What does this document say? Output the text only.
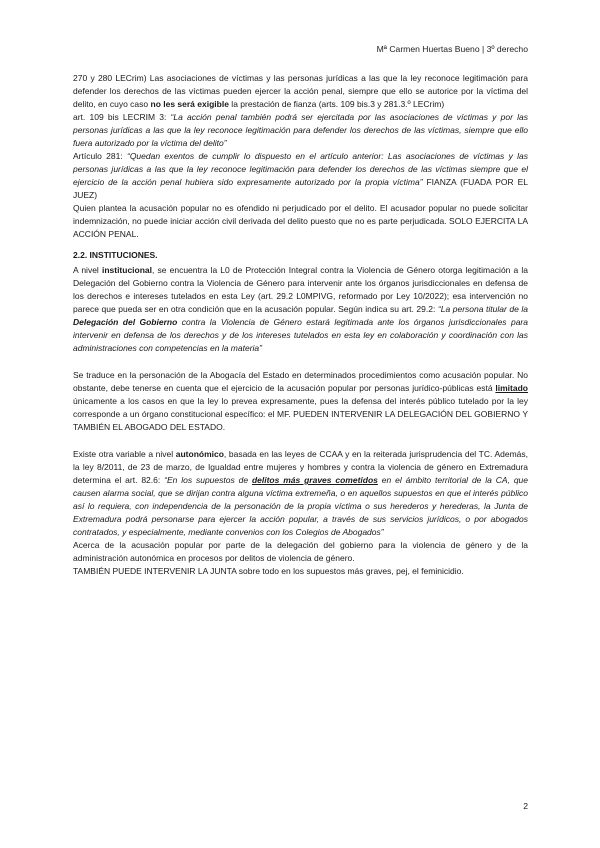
Mª Carmen Huertas Bueno | 3º derecho

270 y 280 LECrim) Las asociaciones de víctimas y las personas jurídicas a las que la ley reconoce legitimación para defender los derechos de las víctimas pueden ejercer la acción penal, siempre que ello se autorice por la víctima del delito, en cuyo caso no les será exigible la prestación de fianza (arts. 109 bis.3 y 281.3.º LECrim)

art. 109 bis LECRIM 3: “La acción penal también podrá ser ejercitada por las asociaciones de víctimas y por las personas jurídicas a las que la ley reconoce legitimación para defender los derechos de las víctimas, siempre que ello fuera autorizado por la víctima del delito”

Artículo 281: “Quedan exentos de cumplir lo dispuesto en el artículo anterior: Las asociaciones de víctimas y las personas jurídicas a las que la ley reconoce legitimación para defender los derechos de las víctimas siempre que el ejercicio de la acción penal hubiera sido expresamente autorizado por la propia víctima” FIANZA (FUADA POR EL JUEZ)

Quien plantea la acusación popular no es ofendido ni perjudicado por el delito. El acusador popular no puede solicitar indemnización, no puede iniciar acción civil derivada del delito puesto que no es parte perjudicada. SOLO EJERCITA LA ACCIÓN PENAL.

2.2. INSTITUCIONES.

A nivel institucional, se encuentra la L0 de Protección Integral contra la Violencia de Género otorga legitimación a la Delegación del Gobierno contra la Violencia de Género para intervenir ante los órganos jurisdiccionales en defensa de los derechos e intereses tutelados en esta Ley (art. 29.2 L0MPIVG, reformado por Ley 10/2022); esa intervención no parece que pueda ser en otra condición que en la acusación popular. Según indica su art. 29.2: “La persona titular de la Delegación del Gobierno contra la Violencia de Género estará legitimada ante los órganos jurisdiccionales para intervenir en defensa de los derechos y de los intereses tutelados en esta ley en colaboración y coordinación con las administraciones con competencias en la materia”

Se traduce en la personación de la Abogacía del Estado en determinados procedimientos como acusación popular. No obstante, debe tenerse en cuenta que el ejercicio de la acusación popular por personas jurídico-públicas está limitado únicamente a los casos en que la ley lo prevea expresamente, pues la defensa del interés público tutelado por la ley corresponde a un órgano constitucional específico: el MF. PUEDEN INTERVENIR LA DELEGACIÓN DEL GOBIERNO Y TAMBIÉN EL ABOGADO DEL ESTADO.

Existe otra variable a nivel autonómico, basada en las leyes de CCAA y en la reiterada jurisprudencia del TC. Además, la ley 8/2011, de 23 de marzo, de Igualdad entre mujeres y hombres y contra la violencia de género en Extremadura determina el art. 82.6: “En los supuestos de delitos más graves cometidos en el ámbito territorial de la CA, que causen alarma social, que se dirijan contra alguna víctima extremeña, o en aquellos supuestos en que el interés público así lo requiera, con independencia de la personación de la propia víctima o sus herederos y herederas, la Junta de Extremadura podrá personarse para ejercer la acción popular, a través de sus servicios jurídicos, o por abogados contratados, y especialmente, mediante convenios con los Colegios de Abogados”

Acerca de la acusación popular por parte de la delegación del gobierno para la violencia de género y de la administración autonómica en procesos por delitos de violencia de género.

TAMBIÉN PUEDE INTERVENIR LA JUNTA sobre todo en los supuestos más graves, pej, el feminicidio.

2
